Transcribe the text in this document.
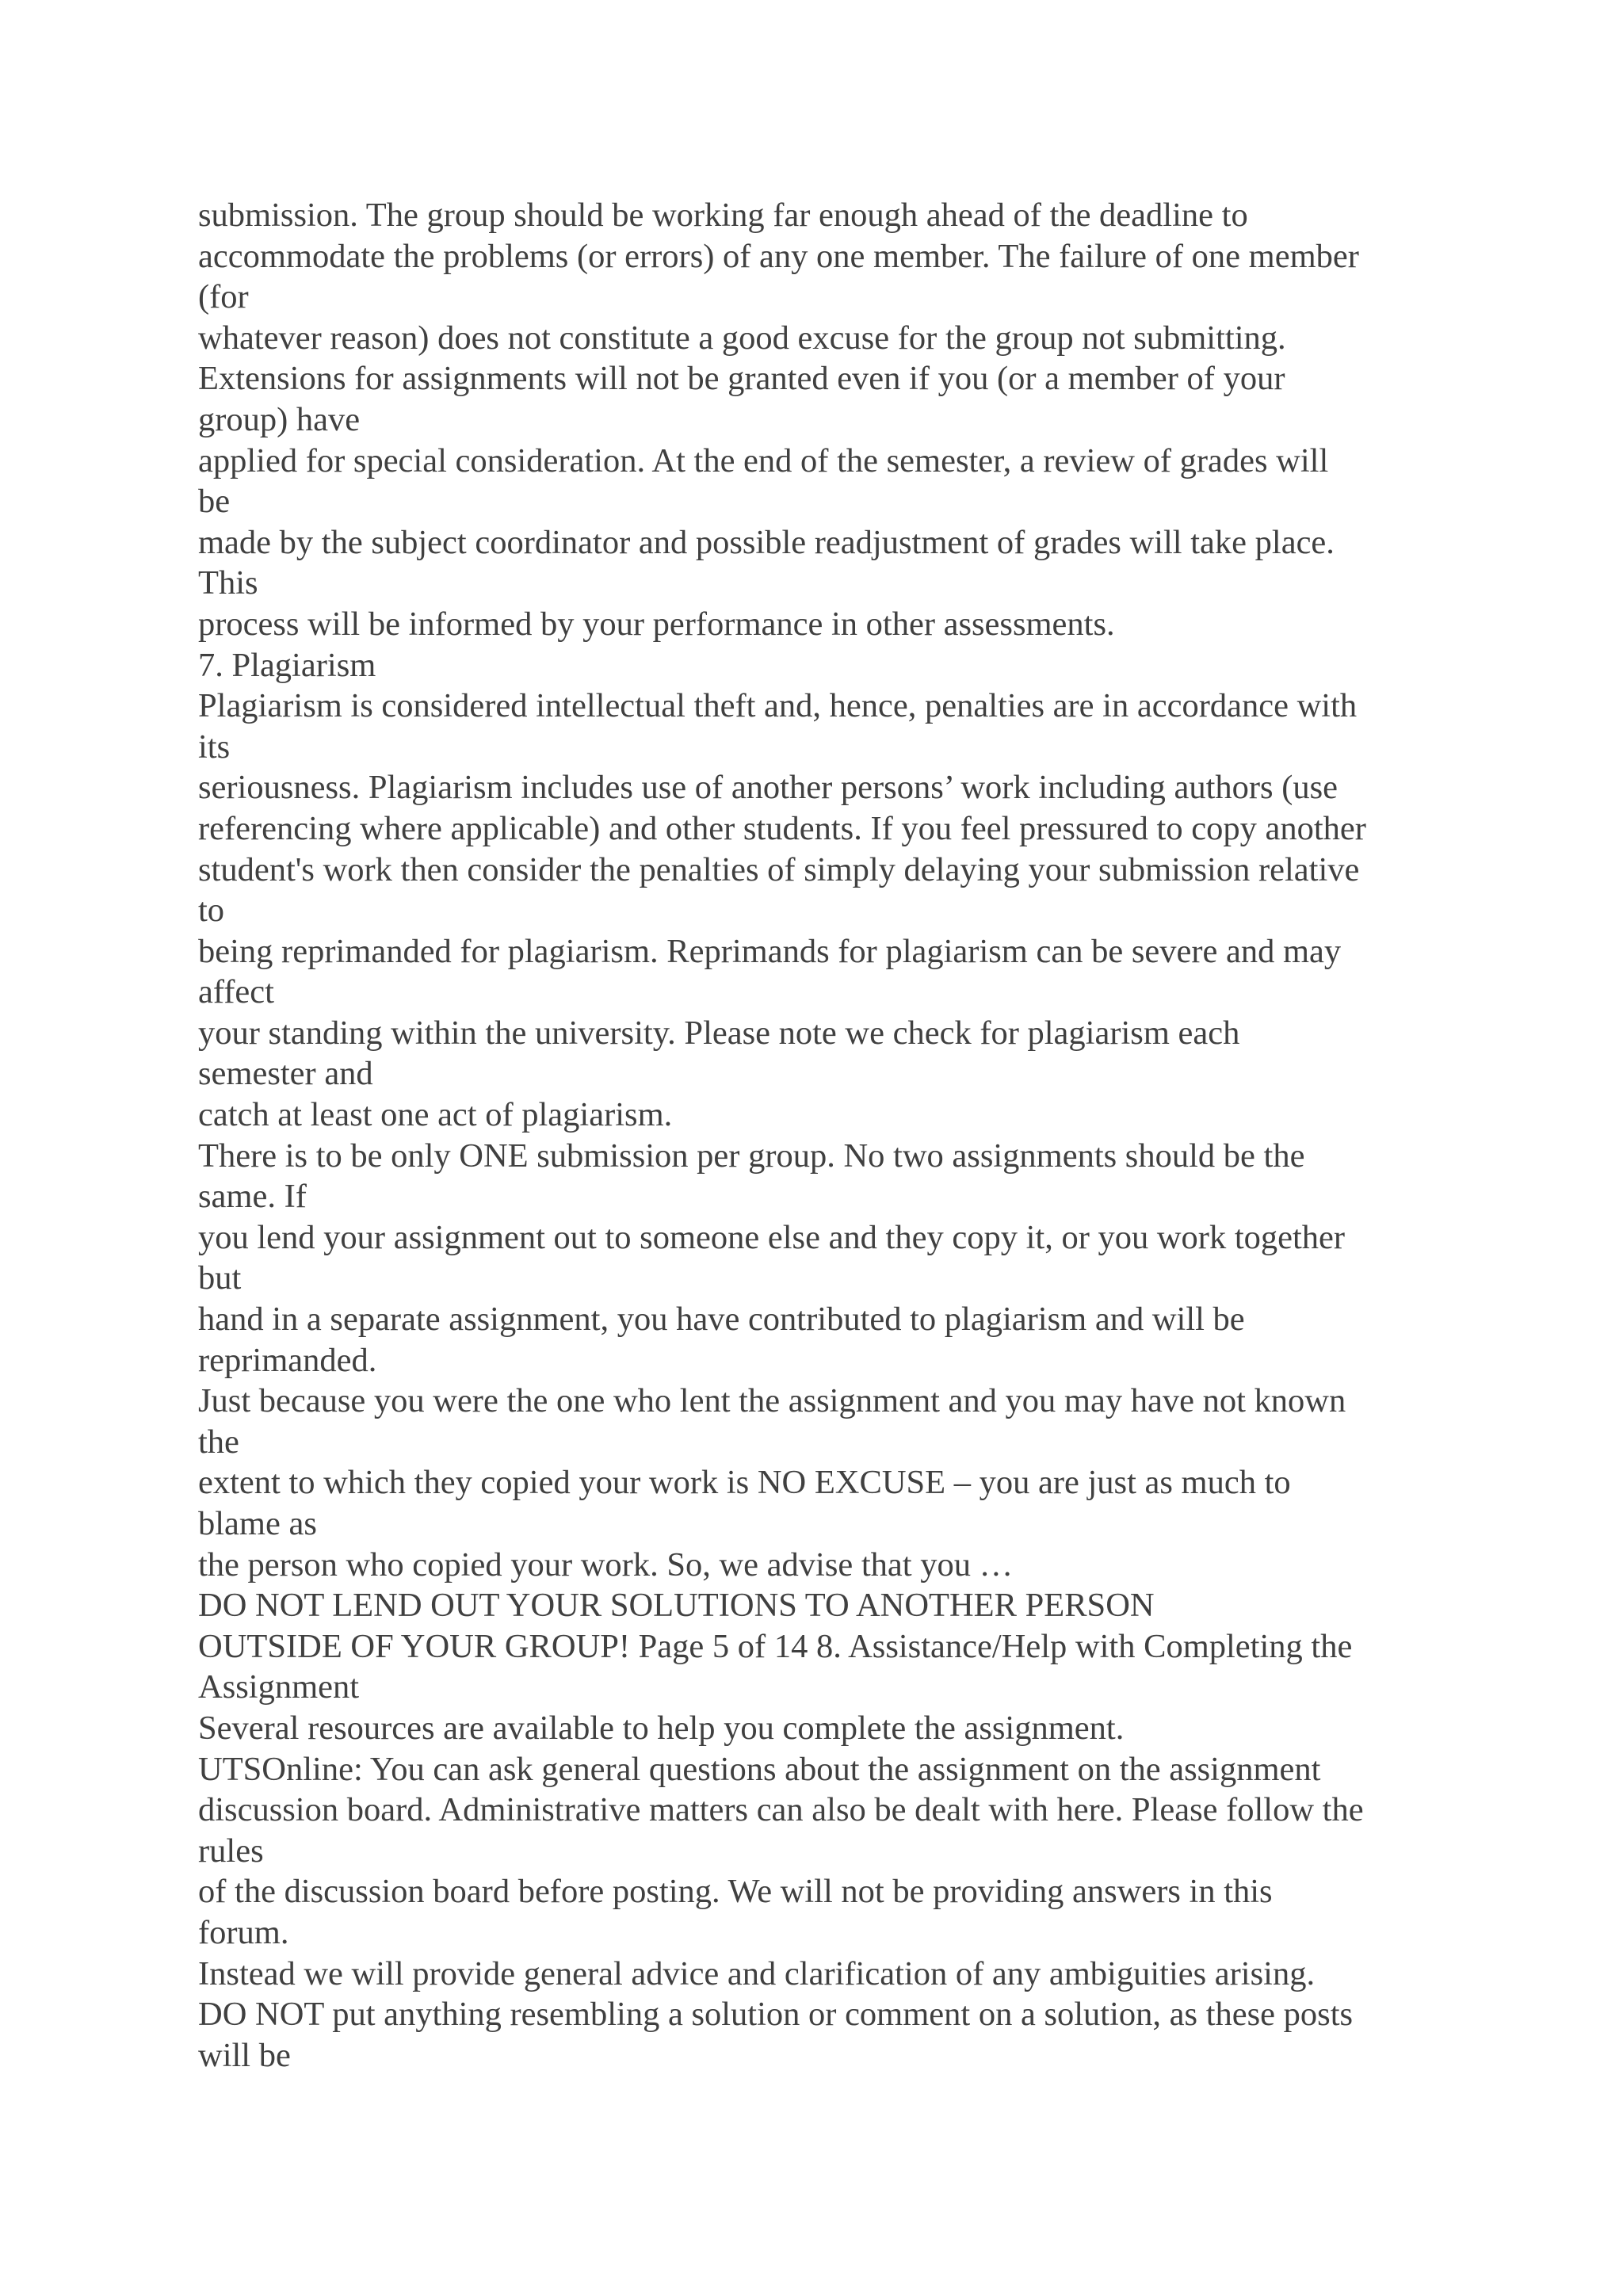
submission. The group should be working far enough ahead of the deadline to
accommodate the problems (or errors) of any one member. The failure of one member
(for
whatever reason) does not constitute a good excuse for the group not submitting.
Extensions for assignments will not be granted even if you (or a member of your
group) have
applied for special consideration. At the end of the semester, a review of grades will
be
made by the subject coordinator and possible readjustment of grades will take place.
This
process will be informed by your performance in other assessments.
7. Plagiarism
Plagiarism is considered intellectual theft and, hence, penalties are in accordance with
its
seriousness. Plagiarism includes use of another persons’ work including authors (use
referencing where applicable) and other students. If you feel pressured to copy another
student's work then consider the penalties of simply delaying your submission relative
to
being reprimanded for plagiarism. Reprimands for plagiarism can be severe and may
affect
your standing within the university. Please note we check for plagiarism each
semester and
catch at least one act of plagiarism.
There is to be only ONE submission per group. No two assignments should be the
same. If
you lend your assignment out to someone else and they copy it, or you work together
but
hand in a separate assignment, you have contributed to plagiarism and will be
reprimanded.
Just because you were the one who lent the assignment and you may have not known
the
extent to which they copied your work is NO EXCUSE – you are just as much to
blame as
the person who copied your work. So, we advise that you …
DO NOT LEND OUT YOUR SOLUTIONS TO ANOTHER PERSON
OUTSIDE OF YOUR GROUP! Page 5 of 14 8. Assistance/Help with Completing the
Assignment
Several resources are available to help you complete the assignment.
UTSOnline: You can ask general questions about the assignment on the assignment
discussion board. Administrative matters can also be dealt with here. Please follow the
rules
of the discussion board before posting. We will not be providing answers in this
forum.
Instead we will provide general advice and clarification of any ambiguities arising.
DO NOT put anything resembling a solution or comment on a solution, as these posts
will be
